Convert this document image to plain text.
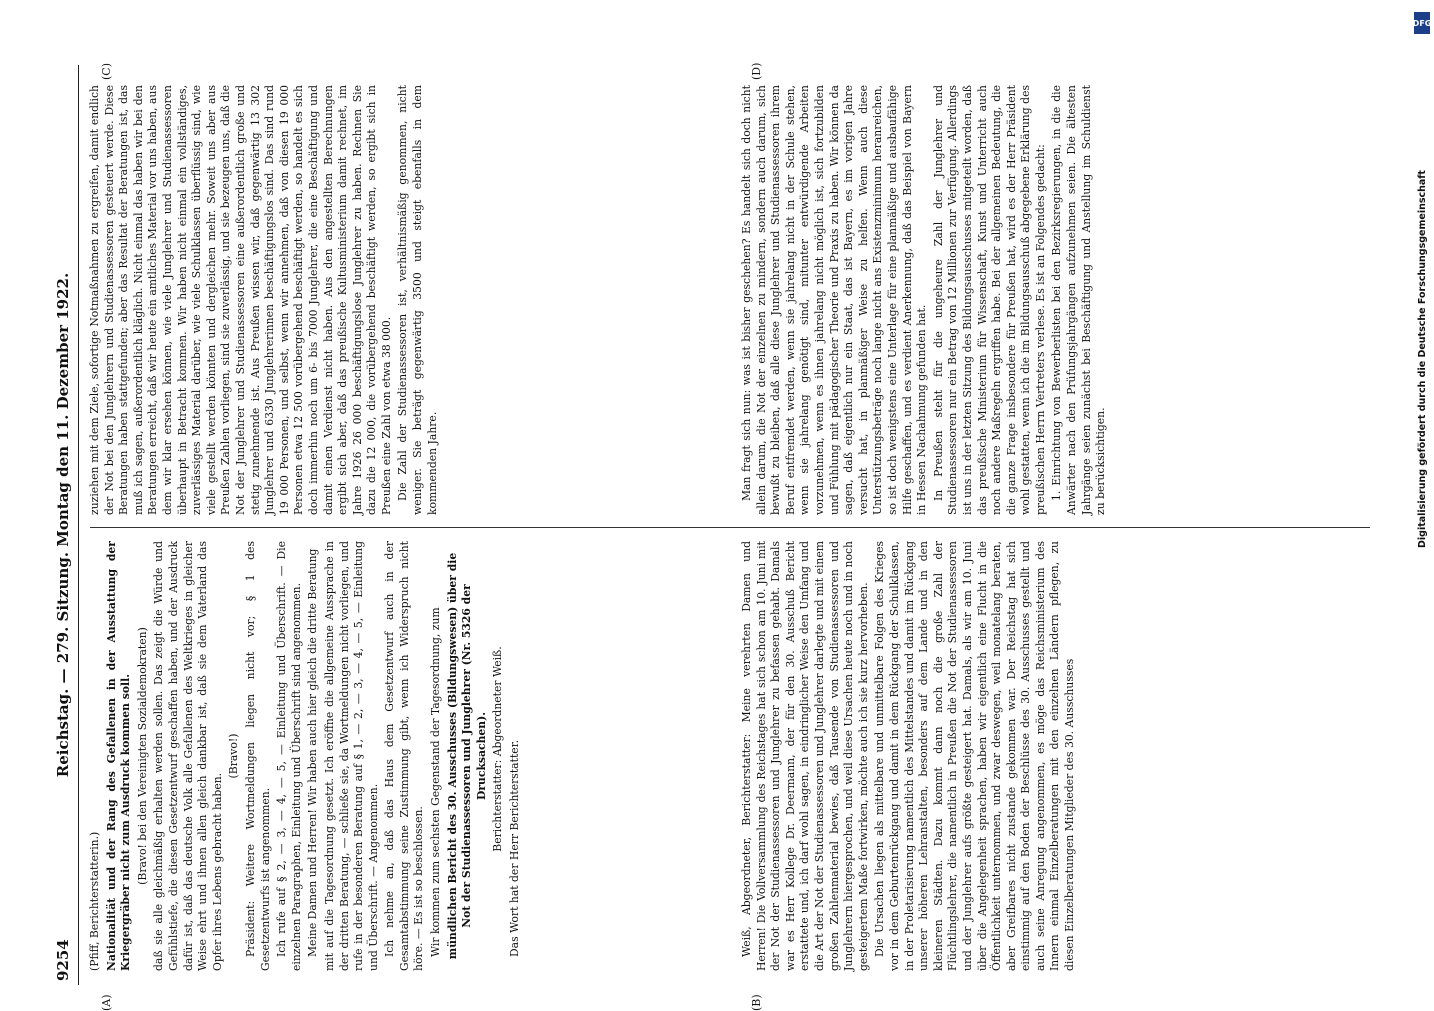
9254
Reichstag. — 279. Sitzung. Montag den 11. Dezember 1922.
(A)	(B)
(C)	(D)

(Pfiff, Berichterstatterin.) Nationalität und der Rang des Gefallenen in der Ausstattung der Kriegergräber nicht zum Ausdruck kommen soll. (Bravo! bei den Vereinigten Sozialdemokraten) daß sie alle gleichmäßig erhalten werden sollen. Das zeigt die Würde und Gefühlstiefe, die diesen Gesetzentwurf geschaffen haben, und der Ausdruck dafür ist, daß das deutsche Volk alle Gefallenen des Weltkrieges in gleicher Weise ehrt und ihnen allen gleich dankbar ist, daß sie dem Vaterland das Opfer ihres Lebens gebracht haben.

(Bravo!) Präsident: Weitere Wortmeldungen liegen nicht vor; § 1 des Gesetzentwurfs ist angenommen. Ich rufe auf § 2, — 3, — 4, — 5, — Einleitung und Überschrift. — Die einzelnen Paragraphen, Einleitung und Überschrift sind angenommen. Meine Damen und Herren! Wir haben auch hier gleich die dritte Beratung mit auf die Tagesordnung gesetzt. Ich eröffne die allgemeine Aussprache in der dritten Beratung, — schließe sie, da Wortmeldungen nicht vorliegen, und rufe in der besonderen Beratung auf § 1, — 2, — 3, — 4, — 5, — Einleitung und Überschrift. — Angenommen. Ich nehme an, daß das Haus dem Gesetzentwurf auch in der Gesamtabstimmung seine Zustimmung gibt, wenn ich Widerspruch nicht höre. — Es ist so beschlossen. Wir kommen zum sechsten Gegenstand der Tagesordnung, zum mündlichen Bericht des 30. Ausschusses (Bildungswesen) über die Not der Studienassessoren und Junglehrer (Nr. 5326 der Drucksachen). Berichterstatter: Abgeordneter Weiß. Das Wort hat der Herr Berichterstatter.

zuziehen mit dem Ziele, sofortige Notmaßnahmen zu ergreifen, damit endlich der Not bei den Junglehrern und Studienassessoren gesteuert werde. Diese Beratungen haben stattgefunden; aber das Resultat der Beratungen ist, das muß ich sagen, außerordentlich kläglich. Nicht einmal das haben wir bei den Beratungen erreicht, daß wir heute ein amtliches Material vor uns haben, aus dem wir klar ersehen können, wie viele Junglehrer und Studienassessoren überhaupt in Betracht kommen. Wir haben nicht einmal ein vollständiges, zuverlässiges Material darüber, wie viele Schulklassen überflüssig sind, wie viele gestellt werden könnten und dergleichen mehr. Soweit uns aber aus Preußen Zahlen vorliegen, sind sie zuverlässig, und sie bezeugen uns, daß die Not der Junglehrer und Studienassessoren eine außerordentlich große und stetig zunehmende ist. Aus Preußen wissen wir, daß gegenwärtig 13 302 Junglehrer und 6330 Junglehrerinnen beschäftigungslos sind. Das sind rund 19 000 Personen, und selbst, wenn wir annehmen, daß von diesen 19 000 Personen etwa 12 500 vorübergehend beschäftigt werden, so handelt es sich doch immerhin noch um 6- bis 7000 Junglehrer, die eine Beschäftigung und damit einen Verdienst nicht haben. Aus den angestellten Berechnungen ergibt sich aber, daß das preußische Kultusministerium damit rechnet, im Jahre 1926 26 000 beschäftigungslose Junglehrer zu haben. Rechnen Sie dazu die 12 000, die vorübergehend beschäftigt werden, so ergibt sich in Preußen eine Zahl von etwa 38 000. Die Zahl der Studienassessoren ist, verhältnismäßig genommen, nicht weniger. Sie beträgt gegenwärtig 3500 und steigt ebenfalls in dem kommenden Jahre.

Weiß, Abgeordneter, Berichterstatter: Meine verehrten Damen und Herren! Die Vollversammlung des Reichstages hat sich schon am 10. Juni mit der Not der Studienassessoren und Junglehrer zu befassen gehabt. Damals war es Herr Kollege Dr. Deermann, der für den 30. Ausschuß Bericht erstattete und, ich darf wohl sagen, in eindringlicher Weise den Umfang und die Art der Not der Studienassessoren und Junglehrer darlegte und mit einem großen Zahlenmaterial bewies, daß Tausende von Studienassessoren und Junglehrern hiergesprochen, und weil diese Ursachen heute noch und in noch gesteigertem Maße fortwirken, möchte auch ich sie kurz hervorheben. Die Ursachen liegen als mittelbare und unmittelbare Folgen des Krieges vor in dem Geburtenrückgang und damit in dem Rückgang der Schulklassen, in der Proletarisierung namentlich des Mittelstandes und damit im Rückgang unserer höheren Lehranstalten, besonders auf dem Lande und in den kleineren Städten. Dazu kommt dann noch die große Zahl der Flüchtlingslehrer, die namentlich in Preußen die Not der Studienassessoren und der Junglehrer aufs größte gesteigert hat. Damals, als wir am 10. Juni über die Angelegenheit sprachen, haben wir eigentlich eine Flucht in die Öffentlichkeit unternommen, und zwar deswegen, weil monatelang beraten, aber Greifbares nicht zustande gekommen war. Der Reichstag hat sich einstimmig auf den Boden der Beschlüsse des 30. Ausschusses gestellt und auch seine Anregung angenommen, es möge das Reichsministerium des Innern einmal Einzelberatungen mit den einzelnen Ländern pflegen, zu diesen Einzelberatungen Mitglieder des 30. Ausschusses

Man fragt sich nun: was ist bisher geschehen? Es handelt sich doch nicht allein darum, die Not der einzelnen zu mindern, sondern auch darum, sich bewußt zu bleiben, daß alle diese Junglehrer und Studienassessoren ihrem Beruf entfremdet werden, wenn sie jahrelang nicht in der Schule stehen, wenn sie jahrelang genötigt sind, mitunter entwürdigende Arbeiten vorzunehmen, wenn es ihnen jahrelang nicht möglich ist, sich fortzubilden und Fühlung mit pädagogischer Theorie und Praxis zu haben. Wir können da sagen, daß eigentlich nur ein Staat, das ist Bayern, es im vorigen Jahre versucht hat, in planmäßiger Weise zu helfen. Wenn auch diese Unterstützungsbeträge noch lange nicht ans Existenzminimum heranreichen, so ist doch wenigstens eine Unterlage für eine planmäßige und ausbaufähige Hilfe geschaffen, und es verdient Anerkennung, daß das Beispiel von Bayern in Hessen Nachahmung gefunden hat. In Preußen steht für die ungeheure Zahl der Junglehrer und Studienassessoren nur ein Betrag von 12 Millionen zur Verfügung. Allerdings ist uns in der letzten Sitzung des Bildungsausschusses mitgeteilt worden, daß das preußische Ministerium für Wissenschaft, Kunst und Unterricht auch noch andere Maßregeln ergriffen habe. Bei der allgemeinen Bedeutung, die die ganze Frage insbesondere für Preußen hat, wird es der Herr Präsident wohl gestatten, wenn ich die im Bildungsausschuß abgegebene Erklärung des preußischen Herrn Vertreters verlese. Es ist an Folgendes gedacht: 1. Einrichtung von Bewerberlisten bei den Bezirksregierungen, in die die Anwärter nach den Prüfungsjahrgängen aufzunehmen seien. Die ältesten Jahrgänge seien zunächst bei Beschäftigung und Anstellung im Schuldienst zu berücksichtigen.

DFG
Digitalisierung gefördert durch die Deutsche Forschungsgemeinschaft
